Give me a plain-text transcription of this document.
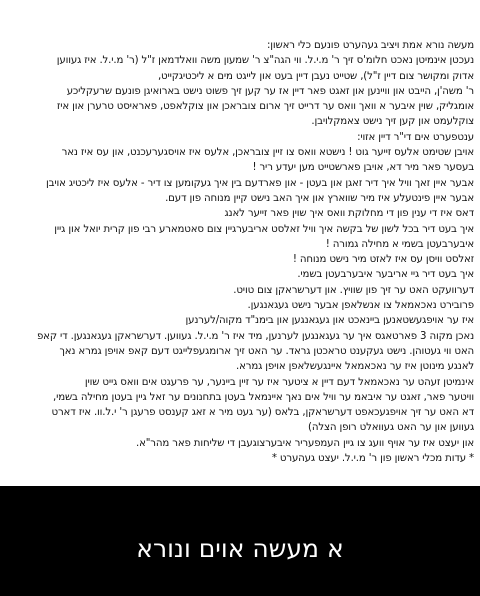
מעשה נורא אמת ויציב געהערט פונעם כלי ראשון:
נעכטן אינמיטן נאכט חלומ'ס זיך ר' מ.י.ל. ווי הגה"צ ר' שמעון משה וואלדמאן ז"ל (ר' מ.י.ל. איז געווען
אדוק ומקושר צום דיין ז"ל), שטייט נעבן דיין בעט און לייגט מים א ליכטיגקייט,
ר' משה'ן, הייבט און וויינען און זאגט פאר דיין אז ער קען זיך פשוט נישט בארואיגן פונעם שרעקליכע
אומגליק, שוין איבער א וואך וואס ער דרייט זיך ארום צובראכן און צוקלאפט, פאראיסט טרערן און איז
צוקלעמט און קען זיך נישט צאמקלויבן.
ענטפערט אים די"ר דיין אזוי:
אויבן שטימט אלעס זייער גוט ! נישטא וואס צו זיין צובראכן, אלעס איז אויסגערעכנט, און עס איז נאר
בעסער פאר מיר דא, אויבן פארשטייט מען יעדע ריר !
אבער איין זאך וויל איך דיר זאגן און בעטן - און פארדעם בין איך געקומען צו דיר - אלעס איז ליכטיג אויבן
אבער איין פינטעלע איז מיר שווארץ און איך האב נישט קיין מנוחה פון דעם.
דאס איז די ענין פון די מחלוקת וואס איך שוין פאר זייער לאנג
איך בעט דיר בכל לשון של בקשה איך וויל זאלסט אריבערגיין צום סאטמארע רבי פון קרית יואל און גיין
איבערבעטן בשמי א מחילה גמורה !
זאלסט וויסן עס איז לאזט מיר נישט מנוחה !
איך בעט דיר גיי אריבער איבערבעטן בשמי.
דערוועקט האט ער זיך פון שוויץ. און דערשראקן צום טויט.
פרובירט נאכאמאל צו אנשלאפן אבער נישט געגאנגען.
איז ער אויפגעשטאנען ביינאכט און געגאנגען און בימנ"ד מקוה/לערנען
נאכן מקוה 3 פארטאגס איך ער געגאנגען לערנען, מיד איז ר' מ.י.ל. געווען. דערשראקן געגאנגען. די קאפ
האט ווי געטוהן. נישט געקענט טראכטן גראד. ער האט זיך ארומגעפלייגט דעם קאפ אויפן גמרא נאך
לאנגע מינוטן איז ער נאכאמאל איינגעשלאפן אויפן גמרא.
אינמיטן זעהט ער נאכאמאל דעם דיין א ציטער איז ער זיין ביינער, ער פרעגט אים וואס גייט שוין
וויטער פאר, זאגט ער איבאמ ער וויל אים נאך איינמאל בעטן בתחנונים ער זאל גיין בעטן מחילה בשמי,
דא האט ער זיך אויפגעכאפט דערשראקן, בלאס (ער געט מיר א זאג קענסט פרעגן ר' י.ל.וו. איז דארט
געווען און ער האט געוואלט רופן הצלה)
און יעצט איז ער אויף וועג צו גיין העמפעריר איבערצוגעבן די שליחות פאר מהר"א.
* עדות מכלי ראשון פון ר' מ.י.ל. יעצט געהערט *
א מעשה אוים ונורא
